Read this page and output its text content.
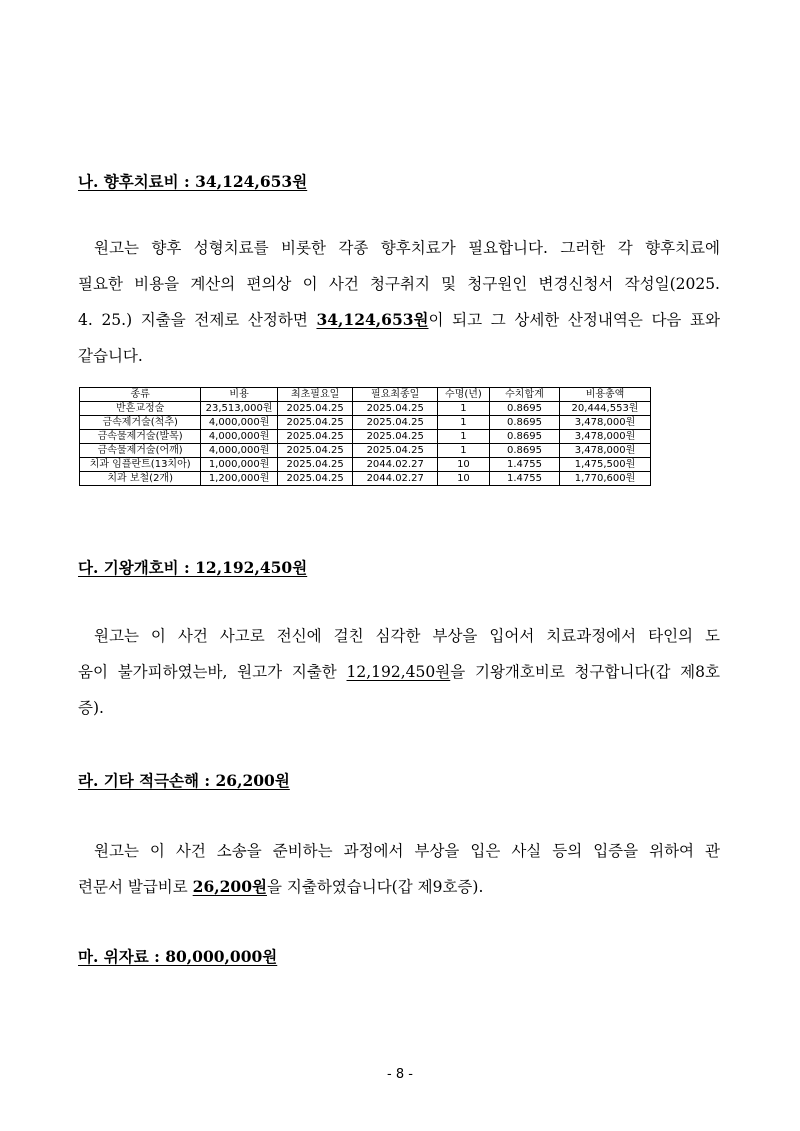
나. 향후치료비 : 34,124,653원
원고는 향후 성형치료를 비롯한 각종 향후치료가 필요합니다. 그러한 각 향후치료에
필요한 비용을 계산의 편의상 이 사건 청구취지 및 청구원인 변경신청서 작성일(2025.
4. 25.) 지출을 전제로 산정하면 34,124,653원이 되고 그 상세한 산정내역은 다음 표와
같습니다.
종류	비용	최초필요일	필요최종일	수명(년)	수치합계	비용총액
반흔교정술	23,513,000원	2025.04.25	2025.04.25	1	0.8695	20,444,553원
금속제거술(척추)	4,000,000원	2025.04.25	2025.04.25	1	0.8695	3,478,000원
금속물제거술(발목)	4,000,000원	2025.04.25	2025.04.25	1	0.8695	3,478,000원
금속물제거술(어깨)	4,000,000원	2025.04.25	2025.04.25	1	0.8695	3,478,000원
치과 임플란트(13치아)	1,000,000원	2025.04.25	2044.02.27	10	1.4755	1,475,500원
치과 보철(2개)	1,200,000원	2025.04.25	2044.02.27	10	1.4755	1,770,600원
다. 기왕개호비 : 12,192,450원
원고는 이 사건 사고로 전신에 걸친 심각한 부상을 입어서 치료과정에서 타인의 도
움이 불가피하였는바, 원고가 지출한 12,192,450원을 기왕개호비로 청구합니다(갑 제8호
증).
라. 기타 적극손해 : 26,200원
원고는 이 사건 소송을 준비하는 과정에서 부상을 입은 사실 등의 입증을 위하여 관
련문서 발급비로 26,200원을 지출하였습니다(갑 제9호증).
마. 위자료 : 80,000,000원
- 8 -
